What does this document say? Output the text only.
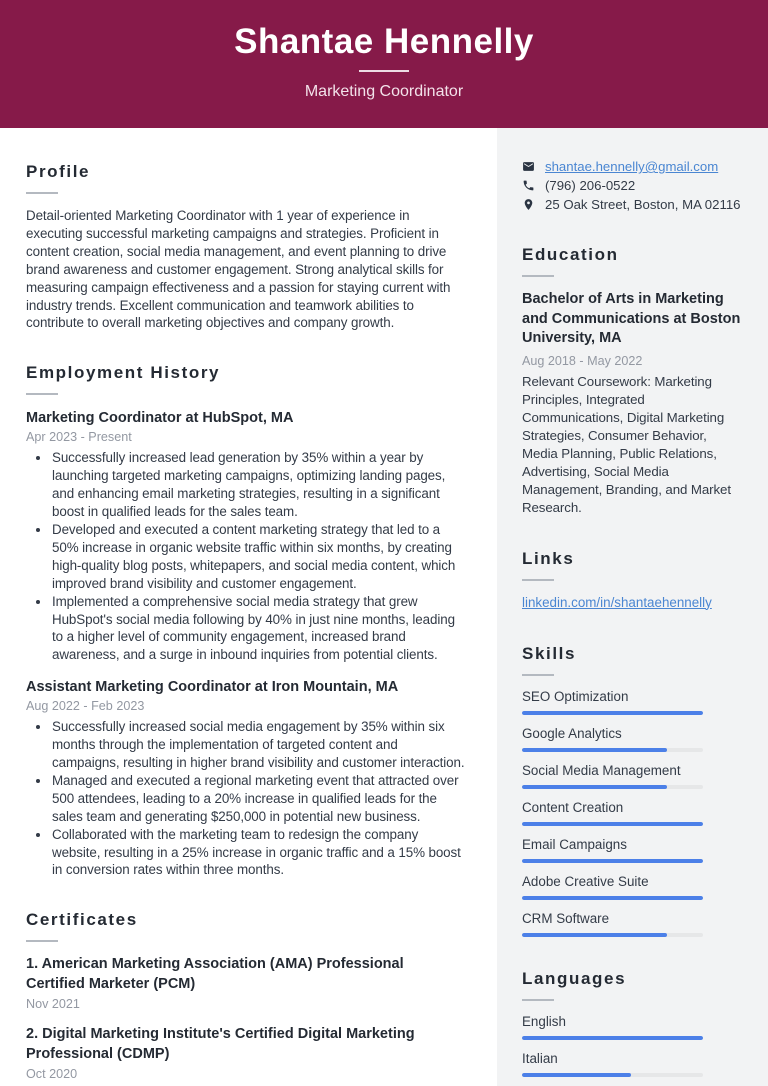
Shantae Hennelly
Marketing Coordinator
Profile

Detail-oriented Marketing Coordinator with 1 year of experience in executing successful marketing campaigns and strategies. Proficient in content creation, social media management, and event planning to drive brand awareness and customer engagement. Strong analytical skills for measuring campaign effectiveness and a passion for staying current with industry trends. Excellent communication and teamwork abilities to contribute to overall marketing objectives and company growth.

Employment History
Marketing Coordinator at HubSpot, MA
Apr 2023 - Present
• Successfully increased lead generation by 35% within a year by launching targeted marketing campaigns, optimizing landing pages, and enhancing email marketing strategies, resulting in a significant boost in qualified leads for the sales team.
• Developed and executed a content marketing strategy that led to a 50% increase in organic website traffic within six months, by creating high-quality blog posts, whitepapers, and social media content, which improved brand visibility and customer engagement.
• Implemented a comprehensive social media strategy that grew HubSpot's social media following by 40% in just nine months, leading to a higher level of community engagement, increased brand awareness, and a surge in inbound inquiries from potential clients.
Assistant Marketing Coordinator at Iron Mountain, MA
Aug 2022 - Feb 2023
• Successfully increased social media engagement by 35% within six months through the implementation of targeted content and campaigns, resulting in higher brand visibility and customer interaction.
• Managed and executed a regional marketing event that attracted over 500 attendees, leading to a 20% increase in qualified leads for the sales team and generating $250,000 in potential new business.
• Collaborated with the marketing team to redesign the company website, resulting in a 25% increase in organic traffic and a 15% boost in conversion rates within three months.
Certificates
1. American Marketing Association (AMA) Professional Certified Marketer (PCM)
Nov 2021
2. Digital Marketing Institute's Certified Digital Marketing Professional (CDMP)
Oct 2020
shantae.hennelly@gmail.com
(796) 206-0522
25 Oak Street, Boston, MA 02116
Education
Bachelor of Arts in Marketing and Communications at Boston University, MA
Aug 2018 - May 2022

Relevant Coursework: Marketing Principles, Integrated Communications, Digital Marketing Strategies, Consumer Behavior, Media Planning, Public Relations, Advertising, Social Media Management, Branding, and Market Research.

Links
linkedin.com/in/shantaehennelly
Skills
SEO Optimization
Google Analytics
Social Media Management
Content Creation
Email Campaigns
Adobe Creative Suite
CRM Software
Languages
English
Italian
